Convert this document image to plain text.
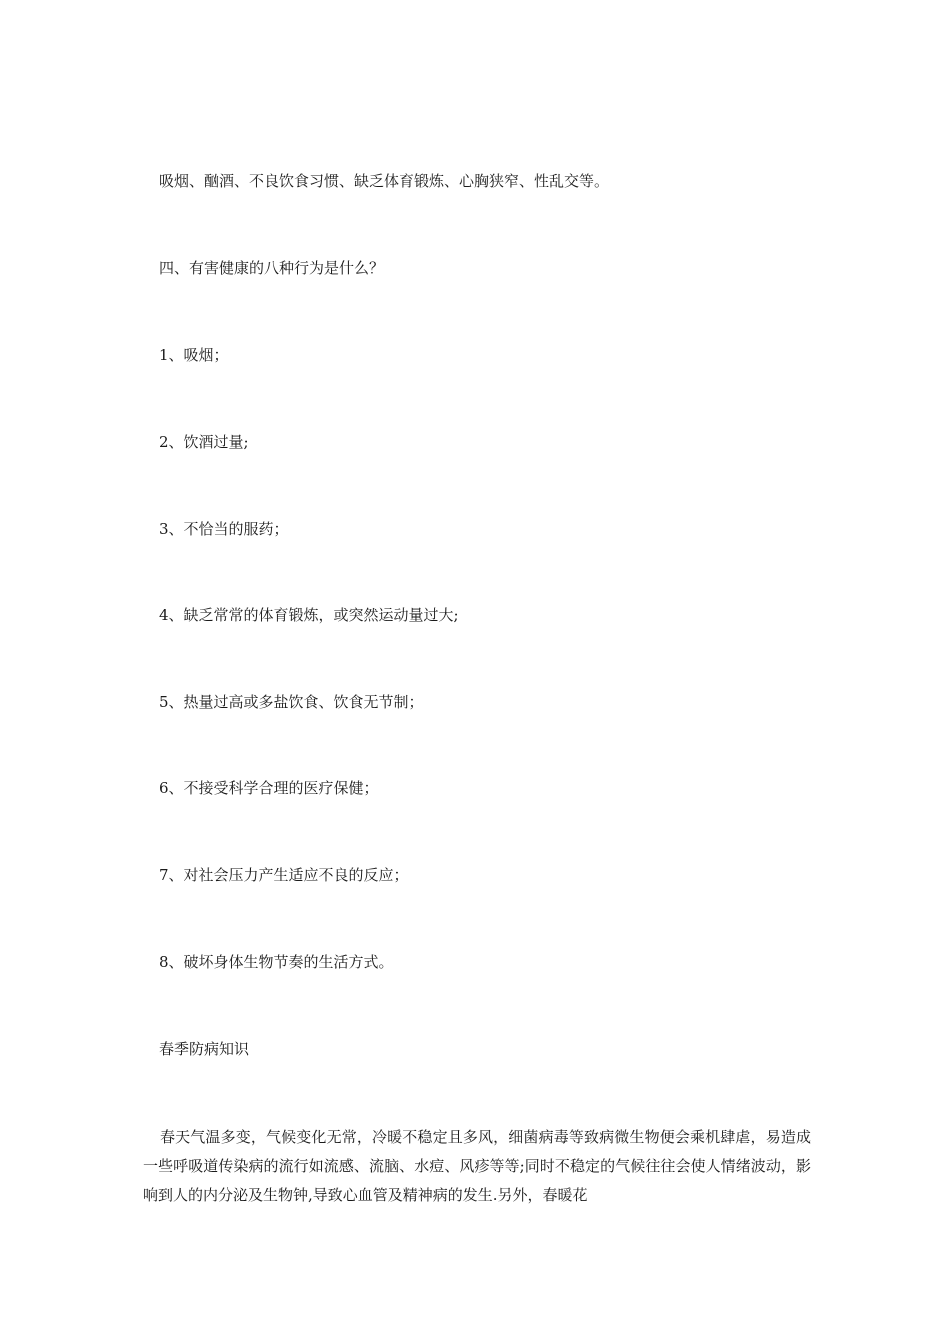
吸烟、酗酒、不良饮食习惯、缺乏体育锻炼、心胸狭窄、性乱交等。
四、有害健康的八种行为是什么？
1、吸烟；
2、饮酒过量;
3、不恰当的服药；
4、缺乏常常的体育锻炼，或突然运动量过大;
5、热量过高或多盐饮食、饮食无节制；
6、不接受科学合理的医疗保健；
7、对社会压力产生适应不良的反应；
8、破坏身体生物节奏的生活方式。
春季防病知识
春天气温多变，气候变化无常，冷暖不稳定且多风，细菌病毒等致病微生物便会乘机肆虐，易造成一些呼吸道传染病的流行如流感、流脑、水痘、风疹等等;同时不稳定的气候往往会使人情绪波动，影响到人的内分泌及生物钟,导致心血管及精神病的发生.另外，春暖花
